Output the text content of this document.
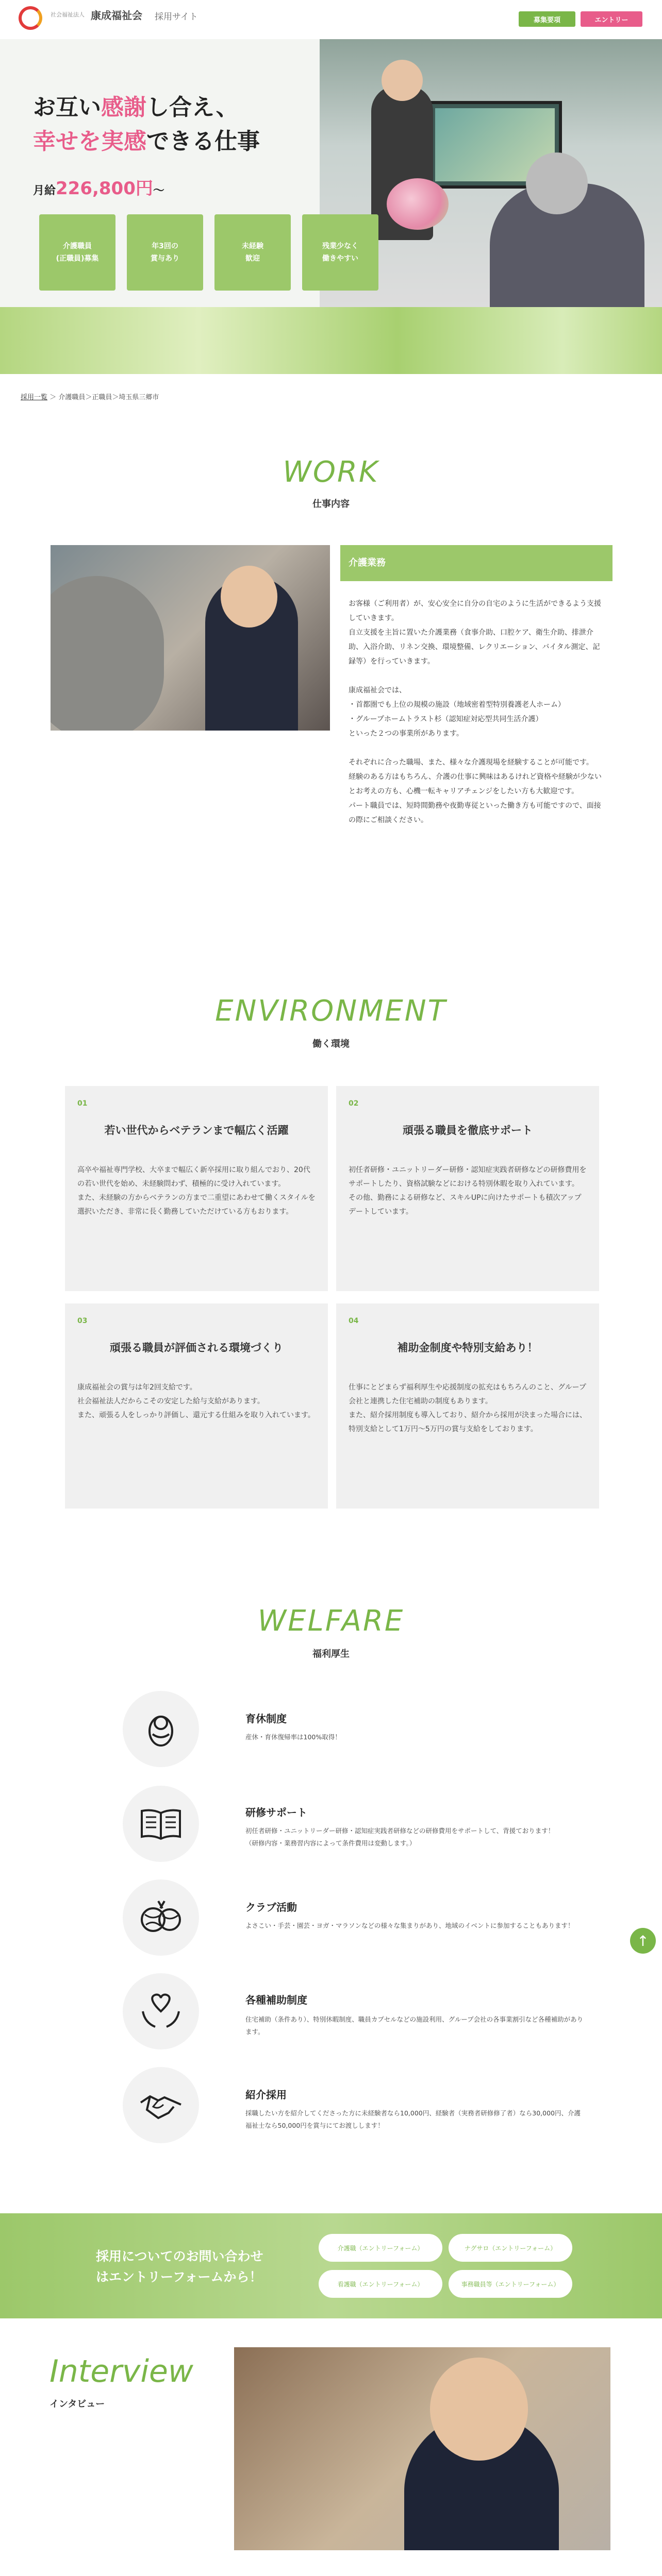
社会福祉法人 康成福祉会 採用サイト	募集要項	エントリー
お互い感謝し合え、
幸せを実感できる仕事
月給226,800円〜
介護職員
(正職員)募集
年3回の
賞与あり
未経験
歓迎
残業少なく
働きやすい
採用一覧 ＞ 介護職員＞正職員＞埼玉県三郷市
WORK
仕事内容
介護業務
お客様（ご利用者）が、安心安全に自分の自宅のように生活ができるよう支援していきます。
自立支援を主旨に置いた介護業務（食事介助、口腔ケア、衛生介助、排泄介助、入浴介助、リネン交換、環境整備、レクリエーション、バイタル測定、記録等）を行っていきます。

康成福祉会では、
・首都圏でも上位の規模の施設（地域密着型特別養護老人ホーム）
・グループホームトラスト杉（認知症対応型共同生活介護）
といった２つの事業所があります。

それぞれに合った職場、また、様々な介護現場を経験することが可能です。
経験のある方はもちろん、介護の仕事に興味はあるけれど資格や経験が少ないとお考えの方も、心機一転キャリアチェンジをしたい方も大歓迎です。
パート職員では、短時間勤務や夜勤専従といった働き方も可能ですので、面接の際にご相談ください。
ENVIRONMENT
働く環境
01
若い世代からベテランまで幅広く活躍
高卒や福祉専門学校、大卒まで幅広く新卒採用に取り組んでおり、20代の若い世代を始め、未経験問わず、積極的に受け入れています。
また、未経験の方からベテランの方まで二重望にあわせて働くスタイルを選択いただき、非常に長く勤務していただけている方もおります。
02
頑張る職員を徹底サポート
初任者研修・ユニットリーダー研修・認知症実践者研修などの研修費用をサポートしたり、資格試験などにおける特別休暇を取り入れています。
その他、勤務による研修など、スキルUPに向けたサポートも積次アップデートしています。
03
頑張る職員が評価される環境づくり
康成福祉会の賞与は年2回支給です。
社会福祉法人だからこその安定した給与支給があります。
また、頑張る人をしっかり評価し、還元する仕組みを取り入れています。
04
補助金制度や特別支給あり！
仕事にとどまらず福利厚生や応援制度の拡充はもちろんのこと、グループ会社と連携した住宅補助の制度もあります。
また、紹介採用制度も導入しており、紹介から採用が決まった場合には、特別支給として1万円〜5万円の賞与支給をしております。
WELFARE
福利厚生
育休制度
産休・育休復帰率は100%取得！
研修サポート
初任者研修・ユニットリーダー研修・認知症実践者研修などの研修費用をサポートして、背援ております！
（研修内容・業務習内容によって条件費用は変動します。）
クラブ活動
よさこい・手芸・園芸・ヨガ・マラソンなどの様々な集まりがあり、地域のイベントに参加することもあります！
各種補助制度
住宅補助（条件あり）、特別休暇制度、職員カプセルなどの施設利用、グループ会社の各事業割引など各種補助があります。
紹介採用
採職したい方を紹介してくださった方に未経験者なら10,000円、経験者（実務者研修修了者）なら30,000円、介護福祉士なら50,000円を賞与にてお渡しします！
↑
採用についてのお問い合わせ
はエントリーフォームから！
介護職（エントリーフォーム）	ナグサロ（エントリーフォーム）
看護職（エントリーフォーム）	事務職員等（エントリーフォーム）
Interview
インタビュー
